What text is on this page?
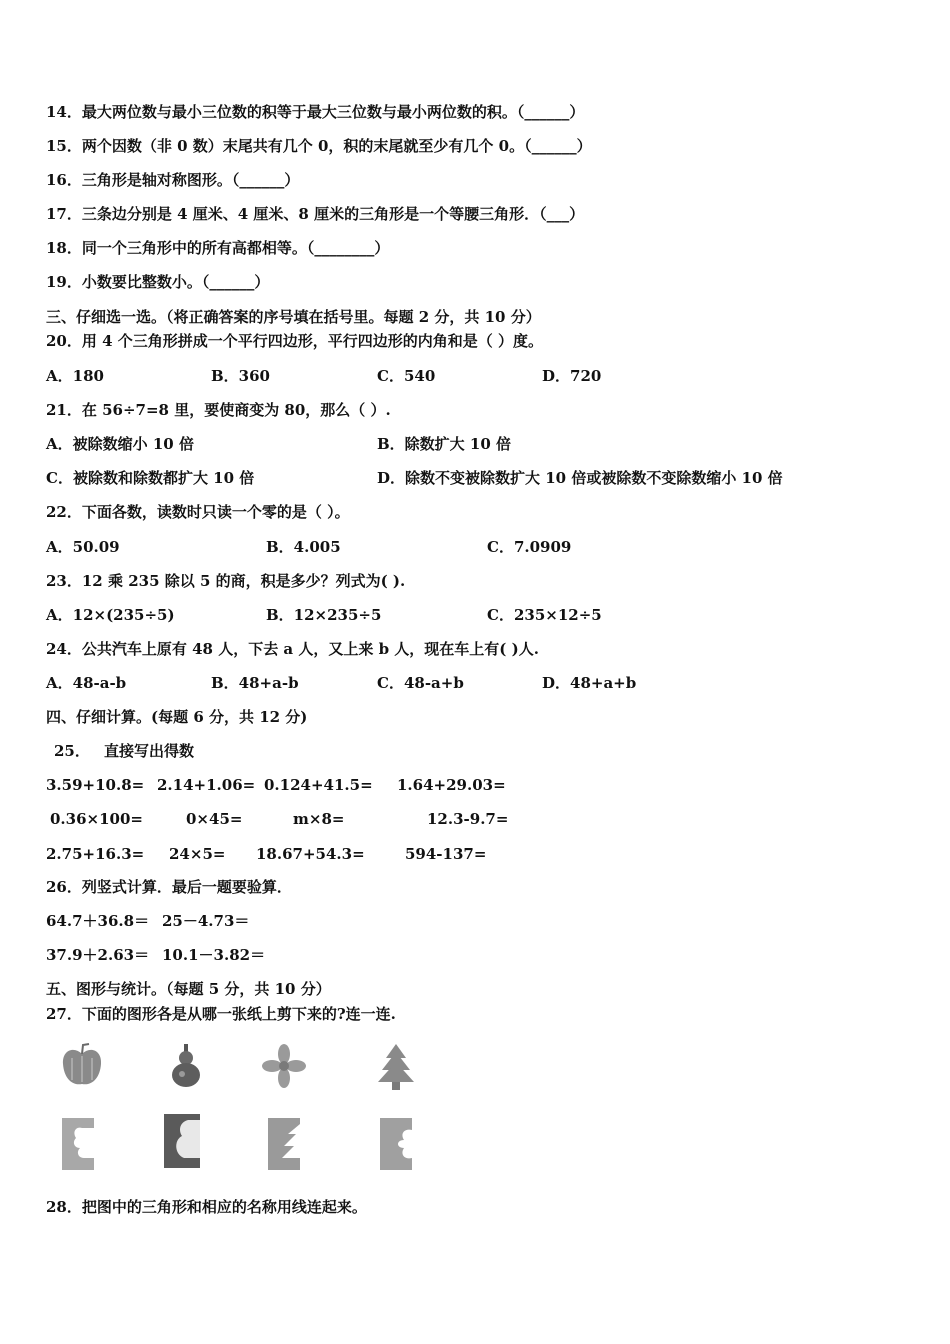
14．最大两位数与最小三位数的积等于最大三位数与最小两位数的积。（______）
15．两个因数（非 0 数）末尾共有几个 0，积的末尾就至少有几个 0。（______）
16．三角形是轴对称图形。（______）
17．三条边分别是 4 厘米、4 厘米、8 厘米的三角形是一个等腰三角形．（___）
18．同一个三角形中的所有高都相等。（________）
19．小数要比整数小。（______）
三、仔细选一选。（将正确答案的序号填在括号里。每题 2 分，共 10 分）
20．用 4 个三角形拼成一个平行四边形，平行四边形的内角和是（ ）度。
A．180	B．360	C．540	D．720
21．在 56÷7=8 里，要使商变为 80，那么（ ）.
A．被除数缩小 10 倍	B．除数扩大 10 倍
C．被除数和除数都扩大 10 倍	D．除数不变被除数扩大 10 倍或被除数不变除数缩小 10 倍
22．下面各数，读数时只读一个零的是（ ）。
A．50.09	B．4.005	C．7.0909
23．12 乘 235 除以 5 的商，积是多少？列式为( ).
A．12×(235÷5)	B．12×235÷5	C．235×12÷5
24．公共汽车上原有 48 人，下去 a 人，又上来 b 人，现在车上有( )人.
A．48-a-b	B．48+a-b	C．48-a+b	D．48+a+b
四、仔细计算。(每题 6 分，共 12 分)
25． 直接写出得数
3.59+10.8= 2.14+1.06= 0.124+41.5= 1.64+29.03=
0.36×100=	0×45=	m×8=	12.3-9.7=
2.75+16.3= 24×5= 18.67+54.3=	594-137=
26．列竖式计算．最后一题要验算．
64.7＋36.8＝ 25－4.73＝
37.9＋2.63＝ 10.1－3.82＝
五、图形与统计。（每题 5 分，共 10 分）
27．下面的图形各是从哪一张纸上剪下来的?连一连.
28．把图中的三角形和相应的名称用线连起来。
